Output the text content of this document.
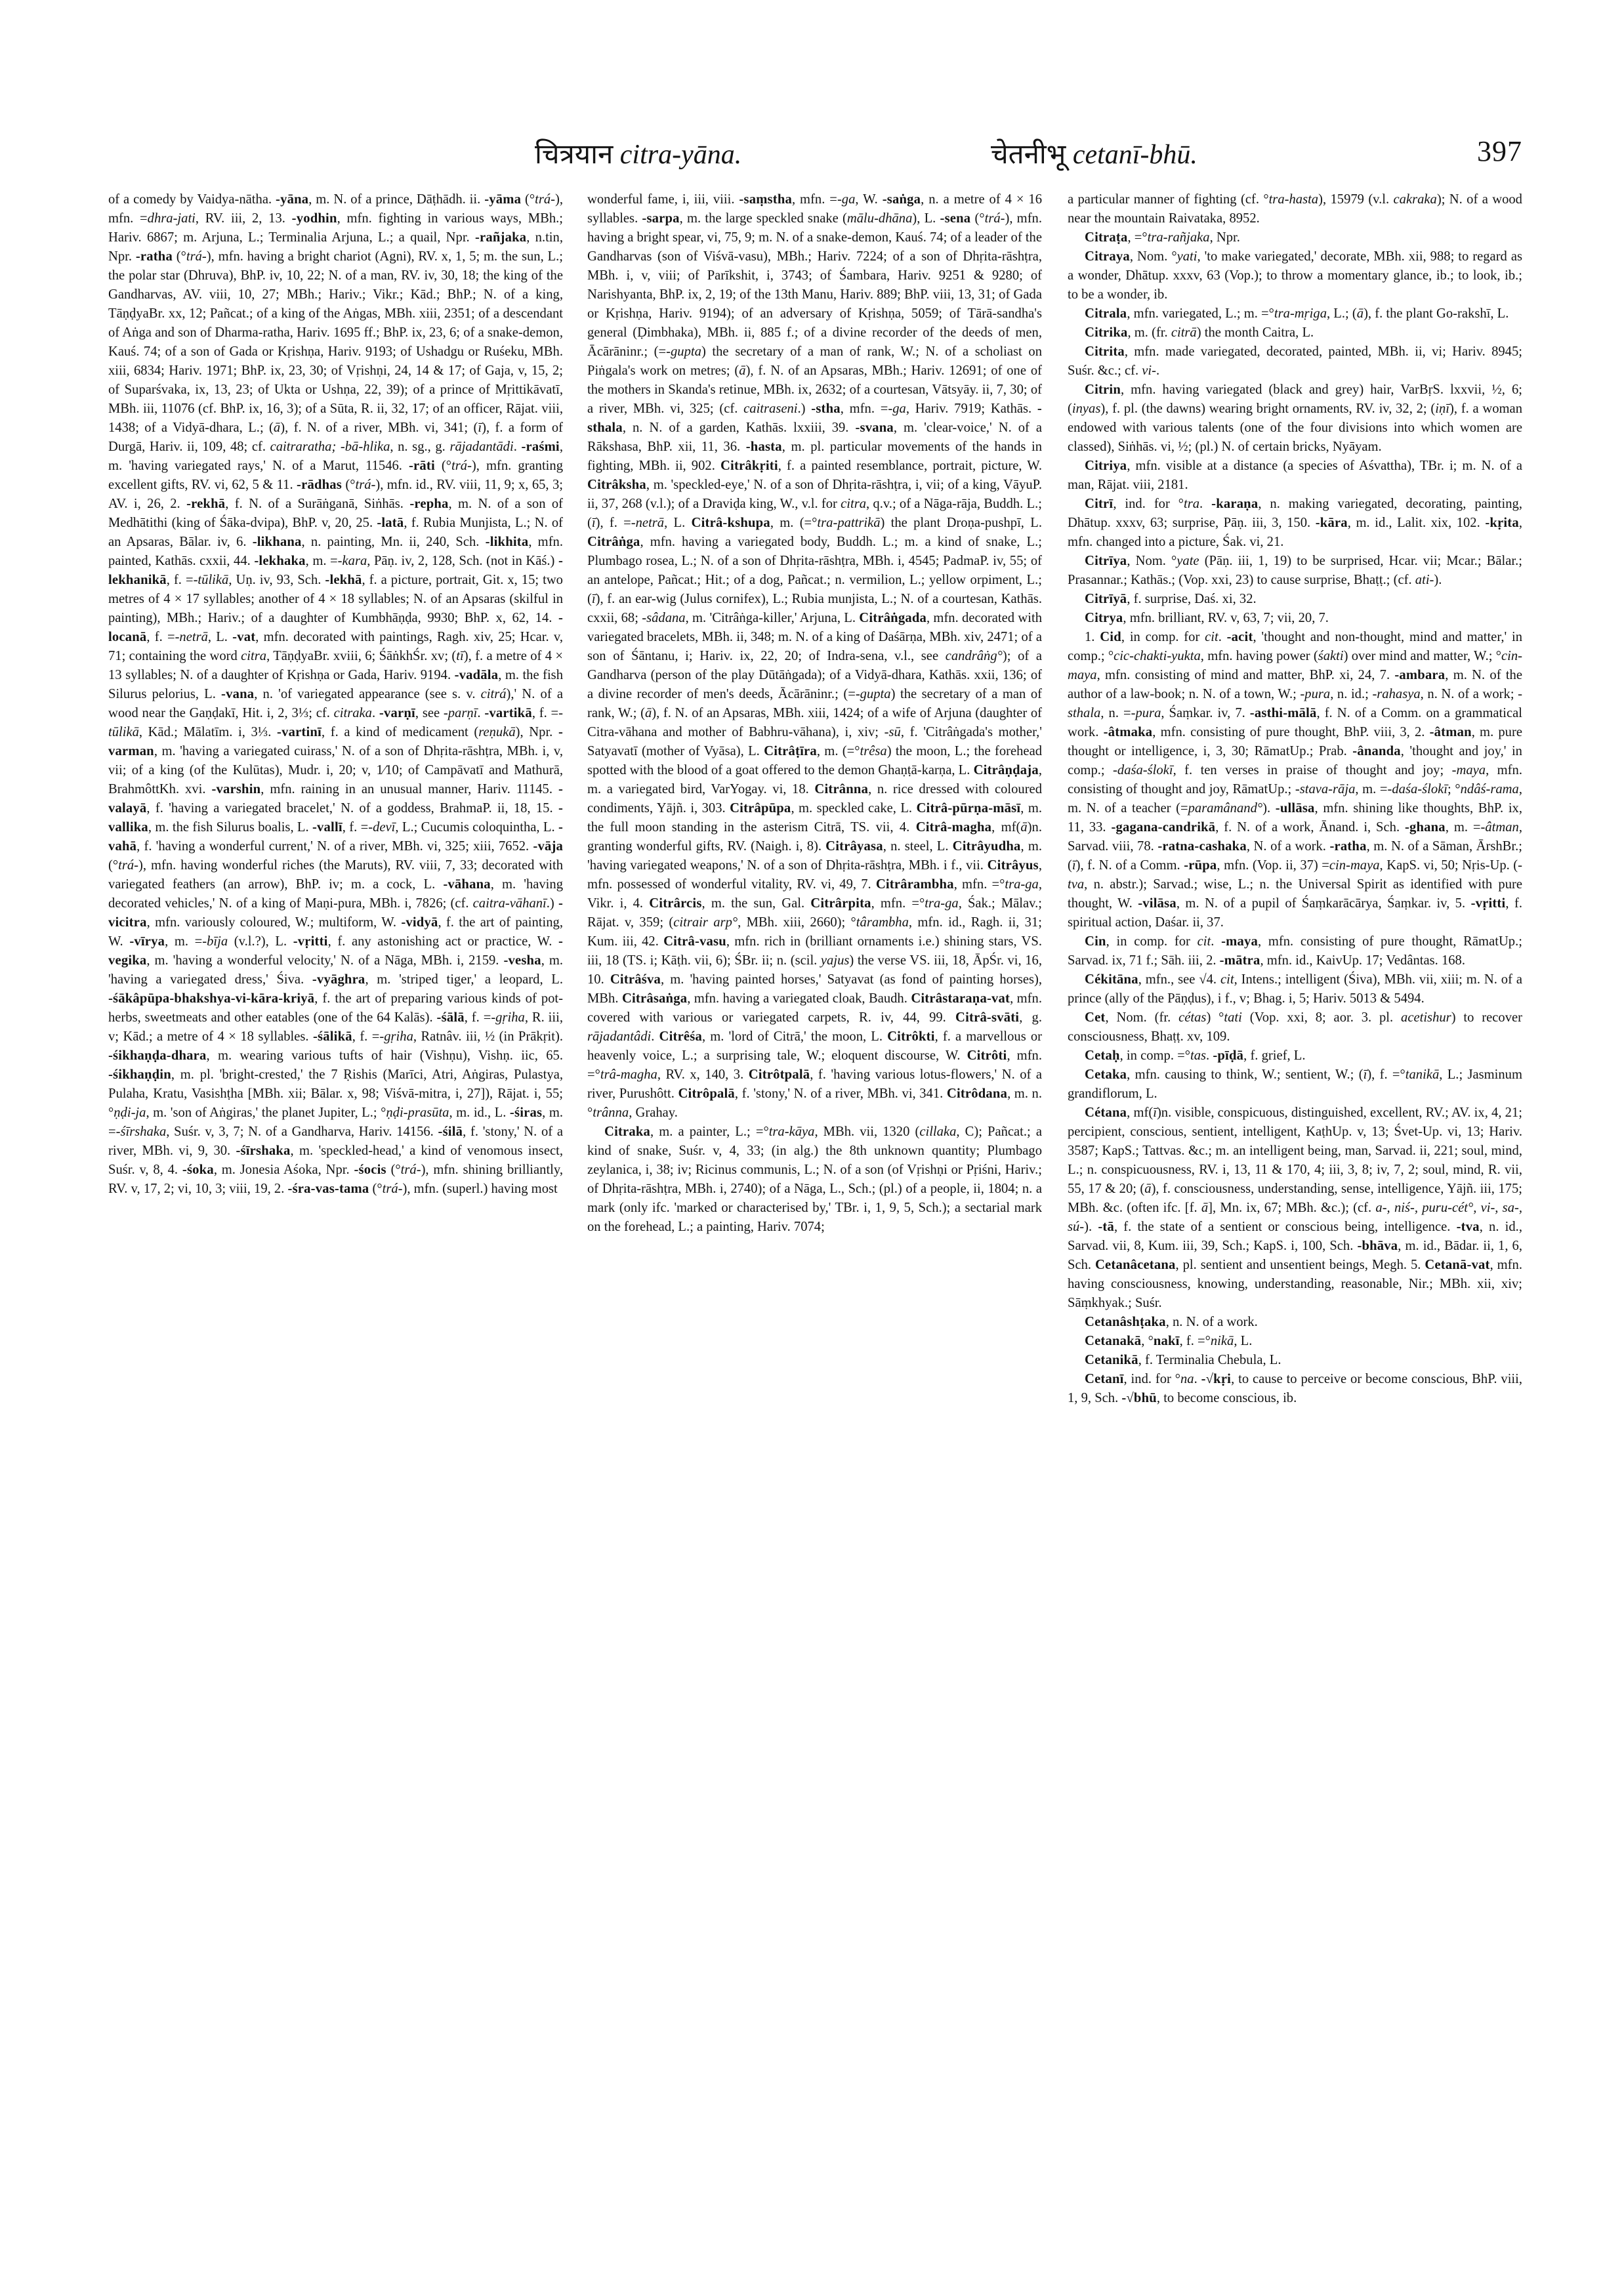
चित्रयान citra-yāna.	चेतनीभू cetanī-bhū.	397

of a comedy by Vaidya-nātha. -yāna, m. N. of a prince, Dāṭhādh. ii. -yāma (°trá-), mfn. =dhra-jati, RV. iii, 2, 13. -yodhin, mfn. fighting in various ways, MBh.; Hariv. 6867; m. Arjuna, L.; Terminalia Arjuna, L.; a quail, Npr. -rañjaka, n.tin, Npr. -ratha (°trá-), mfn. having a bright chariot (Agni), RV. x, 1, 5; m. the sun, L.; the polar star (Dhruva), BhP. iv, 10, 22; N. of a man, RV. iv, 30, 18; the king of the Gandharvas, AV. viii, 10, 27; MBh.; Hariv.; Vikr.; Kād.; BhP.; N. of a king, TāṇḍyaBr. xx, 12; Pañcat.; of a king of the Aṅgas, MBh. xiii, 2351; of a descendant of Aṅga and son of Dharma-ratha, Hariv. 1695 ff.; BhP. ix, 23, 6; of a snake-demon, Kauś. 74; of a son of Gada or Kṛishṇa, Hariv. 9193; of Ushadgu or Ruśeku, MBh. xiii, 6834; Hariv. 1971; BhP. ix, 23, 30; of Vṛishṇi, 24, 14 & 17; of Gaja, v, 15, 2; of Suparśvaka, ix, 13, 23; of Ukta or Ushṇa, 22, 39); of a prince of Mṛittikāvatī, MBh. iii, 11076 (cf. BhP. ix, 16, 3); of a Sūta, R. ii, 32, 17; of an officer, Rājat. viii, 1438; of a Vidyā-dhara, L.; (ā), f. N. of a river, MBh. vi, 341; (ī), f. a form of Durgā, Hariv. ii, 109, 48; cf. caitraratha; -bā-hlika, n. sg., g. rājadantādi. -raśmi, m. 'having variegated rays,' N. of a Marut, 11546. -rāti (°trá-), mfn. granting excellent gifts, RV. vi, 62, 5 & 11. -rādhas (°trá-), mfn. id., RV. viii, 11, 9; x, 65, 3; AV. i, 26, 2. -rekhā, f. N. of a Surāṅganā, Siṅhās. -repha, m. N. of a son of Medhātithi (king of Śāka-dvipa), BhP. v, 20, 25. -latā, f. Rubia Munjista, L.; N. of an Apsaras, Bālar. iv, 6. -likhana, n. painting, Mn. ii, 240, Sch. -likhita, mfn. painted, Kathās. cxxii, 44. -lekhaka, m. =-kara, Pāṇ. iv, 2, 128, Sch. (not in Kāś.) -lekhanikā, f. =-tūlikā, Uṇ. iv, 93, Sch. -lekhā, f. a picture, portrait, Git. x, 15; two metres of 4 × 17 syllables; another of 4 × 18 syllables; N. of an Apsaras (skilful in painting), MBh.; Hariv.; of a daughter of Kumbhāṇḍa, 9930; BhP. x, 62, 14. -locanā, f. =-netrā, L. -vat, mfn. decorated with paintings, Ragh. xiv, 25; Hcar. v, 71; containing the word citra, TāṇḍyaBr. xviii, 6; ŚāṅkhŚr. xv; (tī), f. a metre of 4 × 13 syllables; N. of a daughter of Kṛishṇa or Gada, Hariv. 9194. -vadāla, m. the fish Silurus pelorius, L. -vana, n. 'of variegated appearance (see s. v. citrá),' N. of a wood near the Gaṇḍakī, Hit. i, 2, 3⅓; cf. citraka. -varṇī, see -parṇī. -vartikā, f. =-tūlikā, Kād.; Mālatīm. i, 3⅓. -vartinī, f. a kind of medicament (reṇukā), Npr. -varman, m. 'having a variegated cuirass,' N. of a son of Dhṛita-rāshṭra, MBh. i, v, vii; of a king (of the Kulūtas), Mudr. i, 20; v, 1⁄10; of Campāvatī and Mathurā, BrahmôttKh. xvi. -varshin, mfn. raining in an unusual manner, Hariv. 11145. -valayā, f. 'having a variegated bracelet,' N. of a goddess, BrahmaP. ii, 18, 15. -vallika, m. the fish Silurus boalis, L. -vallī, f. =-devī, L.; Cucumis coloquintha, L. -vahā, f. 'having a wonderful current,' N. of a river, MBh. vi, 325; xiii, 7652. -vāja (°trá-), mfn. having wonderful riches (the Maruts), RV. viii, 7, 33; decorated with variegated feathers (an arrow), BhP. iv; m. a cock, L. -vāhana, m. 'having decorated vehicles,' N. of a king of Maṇi-pura, MBh. i, 7826; (cf. caitra-vāhanī.) -vicitra, mfn. variously coloured, W.; multiform, W. -vidyā, f. the art of painting, W. -vīrya, m. =-bīja (v.l.?), L. -vṛitti, f. any astonishing act or practice, W. -vegika, m. 'having a wonderful velocity,' N. of a Nāga, MBh. i, 2159. -vesha, m. 'having a variegated dress,' Śiva. -vyāghra, m. 'striped tiger,' a leopard, L. -śākâpūpa-bhakshya-vi-kāra-kriyā, f. the art of preparing various kinds of pot-herbs, sweetmeats and other eatables (one of the 64 Kalās). -śālā, f. =-gṛiha, R. iii, v; Kād.; a metre of 4 × 18 syllables. -śālikā, f. =-gṛiha, Ratnâv. iii, ½ (in Prākṛit). -śikhaṇḍa-dhara, m. wearing various tufts of hair (Vishṇu), Vishṇ. iic, 65. -śikhaṇḍin, m. pl. 'bright-crested,' the 7 Ṛishis (Marīci, Atri, Aṅgiras, Pulastya, Pulaha, Kratu, Vasishṭha [MBh. xii; Bālar. x, 98; Viśvā-mitra, i, 27]), Rājat. i, 55; °ṇḍi-ja, m. 'son of Aṅgiras,' the planet Jupiter, L.; °ṇḍi-prasūta, m. id., L. -śiras, m. =-śīrshaka, Suśr. v, 3, 7; N. of a Gandharva, Hariv. 14156. -śilā, f. 'stony,' N. of a river, MBh. vi, 9, 30. -śīrshaka, m. 'speckled-head,' a kind of venomous insect, Suśr. v, 8, 4. -śoka, m. Jonesia Aśoka, Npr. -śocis (°trá-), mfn. shining brilliantly, RV. v, 17, 2; vi, 10, 3; viii, 19, 2. -śra-vas-tama (°trá-), mfn. (superl.) having most

wonderful fame, i, iii, viii. -saṃstha, mfn. =-ga, W. -saṅga, n. a metre of 4 × 16 syllables. -sarpa, m. the large speckled snake (mālu-dhāna), L. -sena (°trá-), mfn. having a bright spear, vi, 75, 9; m. N. of a snake-demon, Kauś. 74; of a leader of the Gandharvas (son of Viśvā-vasu), MBh.; Hariv. 7224; of a son of Dhṛita-rāshṭra, MBh. i, v, viii; of Parīkshit, i, 3743; of Śambara, Hariv. 9251 & 9280; of Narishyanta, BhP. ix, 2, 19; of the 13th Manu, Hariv. 889; BhP. viii, 13, 31; of Gada or Kṛishṇa, Hariv. 9194); of an adversary of Kṛishṇa, 5059; of Tārā-sandha's general (Ḍimbhaka), MBh. ii, 885 f.; of a divine recorder of the deeds of men, Ācārāninr.; (=-gupta) the secretary of a man of rank, W.; N. of a scholiast on Piṅgala's work on metres; (ā), f. N. of an Apsaras, MBh.; Hariv. 12691; of one of the mothers in Skanda's retinue, MBh. ix, 2632; of a courtesan, Vātsyāy. ii, 7, 30; of a river, MBh. vi, 325; (cf. caitraseni.) -stha, mfn. =-ga, Hariv. 7919; Kathās. -sthala, n. N. of a garden, Kathās. lxxiii, 39. -svana, m. 'clear-voice,' N. of a Rākshasa, BhP. xii, 11, 36. -hasta, m. pl. particular movements of the hands in fighting, MBh. ii, 902. Citrâkṛiti, f. a painted resemblance, portrait, picture, W. Citrâksha, m. 'speckled-eye,' N. of a son of Dhṛita-rāshṭra, i, vii; of a king, VāyuP. ii, 37, 268 (v.l.); of a Draviḍa king, W., v.l. for citra, q.v.; of a Nāga-rāja, Buddh. L.; (ī), f. =-netrā, L. Citrâ-kshupa, m. (=°tra-pattrikā) the plant Droṇa-pushpī, L. Citrâṅga, mfn. having a variegated body, Buddh. L.; m. a kind of snake, L.; Plumbago rosea, L.; N. of a son of Dhṛita-rāshṭra, MBh. i, 4545; PadmaP. iv, 55; of an antelope, Pañcat.; Hit.; of a dog, Pañcat.; n. vermilion, L.; yellow orpiment, L.; (ī), f. an ear-wig (Julus cornifex), L.; Rubia munjista, L.; N. of a courtesan, Kathās. cxxii, 68; -sâdana, m. 'Citrâṅga-killer,' Arjuna, L. Citrâṅgada, mfn. decorated with variegated bracelets, MBh. ii, 348; m. N. of a king of Daśārṇa, MBh. xiv, 2471; of a son of Śāntanu, i; Hariv. ix, 22, 20; of Indra-sena, v.l., see candrâṅg°); of a Gandharva (person of the play Dūtāṅgada); of a Vidyā-dhara, Kathās. xxii, 136; of a divine recorder of men's deeds, Ācārāninr.; (=-gupta) the secretary of a man of rank, W.; (ā), f. N. of an Apsaras, MBh. xiii, 1424; of a wife of Arjuna (daughter of Citra-vāhana and mother of Babhru-vāhana), i, xiv; -sū, f. 'Citrâṅgada's mother,' Satyavatī (mother of Vyāsa), L. Citrâṭīra, m. (=°trêsa) the moon, L.; the forehead spotted with the blood of a goat offered to the demon Ghaṇṭā-karṇa, L. Citrâṇḍaja, m. a variegated bird, VarYogay. vi, 18. Citrânna, n. rice dressed with coloured condiments, Yājñ. i, 303. Citrâpūpa, m. speckled cake, L. Citrâ-pūrṇa-māsī, m. the full moon standing in the asterism Citrā, TS. vii, 4. Citrâ-magha, mf(ā)n. granting wonderful gifts, RV. (Naigh. i, 8). Citrâyasa, n. steel, L. Citrâyudha, m. 'having variegated weapons,' N. of a son of Dhṛita-rāshṭra, MBh. i f., vii. Citrâyus, mfn. possessed of wonderful vitality, RV. vi, 49, 7. Citrârambha, mfn. =°tra-ga, Vikr. i, 4. Citrârcis, m. the sun, Gal. Citrârpita, mfn. =°tra-ga, Śak.; Mālav.; Rājat. v, 359; (citrair arp°, MBh. xiii, 2660); °târambha, mfn. id., Ragh. ii, 31; Kum. iii, 42. Citrâ-vasu, mfn. rich in (brilliant ornaments i.e.) shining stars, VS. iii, 18 (TS. i; Kāṭh. vii, 6); ŚBr. ii; n. (scil. yajus) the verse VS. iii, 18, ĀpŚr. vi, 16, 10. Citrâśva, m. 'having painted horses,' Satyavat (as fond of painting horses), MBh. Citrâsaṅga, mfn. having a variegated cloak, Baudh. Citrâstaraṇa-vat, mfn. covered with various or variegated carpets, R. iv, 44, 99. Citrâ-svāti, g. rājadantâdi. Citrêśa, m. 'lord of Citrā,' the moon, L. Citrôkti, f. a marvellous or heavenly voice, L.; a surprising tale, W.; eloquent discourse, W. Citrôti, mfn. =°trâ-magha, RV. x, 140, 3. Citrôtpalā, f. 'having various lotus-flowers,' N. of a river, Purushôtt. Citrôpalā, f. 'stony,' N. of a river, MBh. vi, 341. Citrôdana, m. n. °trânna, Grahay.

Citraka, m. a painter, L.; =°tra-kāya, MBh. vii, 1320 (cillaka, C); Pañcat.; a kind of snake, Suśr. v, 4, 33; (in alg.) the 8th unknown quantity; Plumbago zeylanica, i, 38; iv; Ricinus communis, L.; N. of a son (of Vṛishṇi or Pṛiśni, Hariv.; of Dhṛita-rāshṭra, MBh. i, 2740); of a Nāga, L., Sch.; (pl.) of a people, ii, 1804; n. a mark (only ifc. 'marked or characterised by,' TBr. i, 1, 9, 5, Sch.); a sectarial mark on the forehead, L.; a painting, Hariv. 7074;

a particular manner of fighting (cf. °tra-hasta), 15979 (v.l. cakraka); N. of a wood near the mountain Raivataka, 8952.

Citraṭa, =°tra-rañjaka, Npr.

Citraya, Nom. °yati, 'to make variegated,' decorate, MBh. xii, 988; to regard as a wonder, Dhātup. xxxv, 63 (Vop.); to throw a momentary glance, ib.; to look, ib.; to be a wonder, ib.

Citrala, mfn. variegated, L.; m. =°tra-mṛiga, L.; (ā), f. the plant Go-rakshī, L.

Citrika, m. (fr. citrā) the month Caitra, L.

Citrita, mfn. made variegated, decorated, painted, MBh. ii, vi; Hariv. 8945; Suśr. &c.; cf. vi-.

Citrin, mfn. having variegated (black and grey) hair, VarBṛS. lxxvii, ½, 6; (inyas), f. pl. (the dawns) wearing bright ornaments, RV. iv, 32, 2; (iṇī), f. a woman endowed with various talents (one of the four divisions into which women are classed), Siṅhās. vi, ½; (pl.) N. of certain bricks, Nyāyam.

Citriya, mfn. visible at a distance (a species of Aśvattha), TBr. i; m. N. of a man, Rājat. viii, 2181.

Citrī, ind. for °tra. -karaṇa, n. making variegated, decorating, painting, Dhātup. xxxv, 63; surprise, Pāṇ. iii, 3, 150. -kāra, m. id., Lalit. xix, 102. -kṛita, mfn. changed into a picture, Śak. vi, 21.

Citrīya, Nom. °yate (Pāṇ. iii, 1, 19) to be surprised, Hcar. vii; Mcar.; Bālar.; Prasannar.; Kathās.; (Vop. xxi, 23) to cause surprise, Bhaṭṭ.; (cf. ati-).

Citrīyā, f. surprise, Daś. xi, 32.

Citrya, mfn. brilliant, RV. v, 63, 7; vii, 20, 7.

1. Cid, in comp. for cit. -acit, 'thought and non-thought, mind and matter,' in comp.; °cic-chakti-yukta, mfn. having power (śakti) over mind and matter, W.; °cin-maya, mfn. consisting of mind and matter, BhP. xi, 24, 7. -ambara, m. N. of the author of a law-book; n. N. of a town, W.; -pura, n. id.; -rahasya, n. N. of a work; -sthala, n. =-pura, Śaṃkar. iv, 7. -asthi-mālā, f. N. of a Comm. on a grammatical work. -âtmaka, mfn. consisting of pure thought, BhP. viii, 3, 2. -âtman, m. pure thought or intelligence, i, 3, 30; RāmatUp.; Prab. -ânanda, 'thought and joy,' in comp.; -daśa-ślokī, f. ten verses in praise of thought and joy; -maya, mfn. consisting of thought and joy, RāmatUp.; -stava-rāja, m. =-daśa-ślokī; °ndâś-rama, m. N. of a teacher (=paramânand°). -ullāsa, mfn. shining like thoughts, BhP. ix, 11, 33. -gagana-candrikā, f. N. of a work, Ānand. i, Sch. -ghana, m. =-âtman, Sarvad. viii, 78. -ratna-cashaka, N. of a work. -ratha, m. N. of a Sāman, ĀrshBr.; (ī), f. N. of a Comm. -rūpa, mfn. (Vop. ii, 37) =cin-maya, KapS. vi, 50; Nṛis-Up. (-tva, n. abstr.); Sarvad.; wise, L.; n. the Universal Spirit as identified with pure thought, W. -vilāsa, m. N. of a pupil of Śaṃkarācārya, Śaṃkar. iv, 5. -vṛitti, f. spiritual action, Daśar. ii, 37.

Cin, in comp. for cit. -maya, mfn. consisting of pure thought, RāmatUp.; Sarvad. ix, 71 f.; Sāh. iii, 2. -mātra, mfn. id., KaivUp. 17; Vedântas. 168.

Cékitāna, mfn., see √4. cit, Intens.; intelligent (Śiva), MBh. vii, xiii; m. N. of a prince (ally of the Pāṇḍus), i f., v; Bhag. i, 5; Hariv. 5013 & 5494.

Cet, Nom. (fr. cétas) °tati (Vop. xxi, 8; aor. 3. pl. acetishur) to recover consciousness, Bhaṭṭ. xv, 109.

Cetaḥ, in comp. =°tas. -pīḍā, f. grief, L.

Cetaka, mfn. causing to think, W.; sentient, W.; (ī), f. =°tanikā, L.; Jasminum grandiflorum, L.

Cétana, mf(ī)n. visible, conspicuous, distinguished, excellent, RV.; AV. ix, 4, 21; percipient, conscious, sentient, intelligent, KaṭhUp. v, 13; Śvet-Up. vi, 13; Hariv. 3587; KapS.; Tattvas. &c.; m. an intelligent being, man, Sarvad. ii, 221; soul, mind, L.; n. conspicuousness, RV. i, 13, 11 & 170, 4; iii, 3, 8; iv, 7, 2; soul, mind, R. vii, 55, 17 & 20; (ā), f. consciousness, understanding, sense, intelligence, Yājñ. iii, 175; MBh. &c. (often ifc. [f. ā], Mn. ix, 67; MBh. &c.); (cf. a-, niś-, puru-cét°, vi-, sa-, sú-). -tā, f. the state of a sentient or conscious being, intelligence. -tva, n. id., Sarvad. vii, 8, Kum. iii, 39, Sch.; KapS. i, 100, Sch. -bhāva, m. id., Bādar. ii, 1, 6, Sch. Cetanâcetana, pl. sentient and unsentient beings, Megh. 5. Cetanā-vat, mfn. having consciousness, knowing, understanding, reasonable, Nir.; MBh. xii, xiv; Sāṃkhyak.; Suśr.

Cetanâshṭaka, n. N. of a work.

Cetanakā, °nakī, f. =°nikā, L.

Cetanikā, f. Terminalia Chebula, L.

Cetanī, ind. for °na. -√kṛi, to cause to perceive or become conscious, BhP. viii, 1, 9, Sch. -√bhū, to become conscious, ib.
